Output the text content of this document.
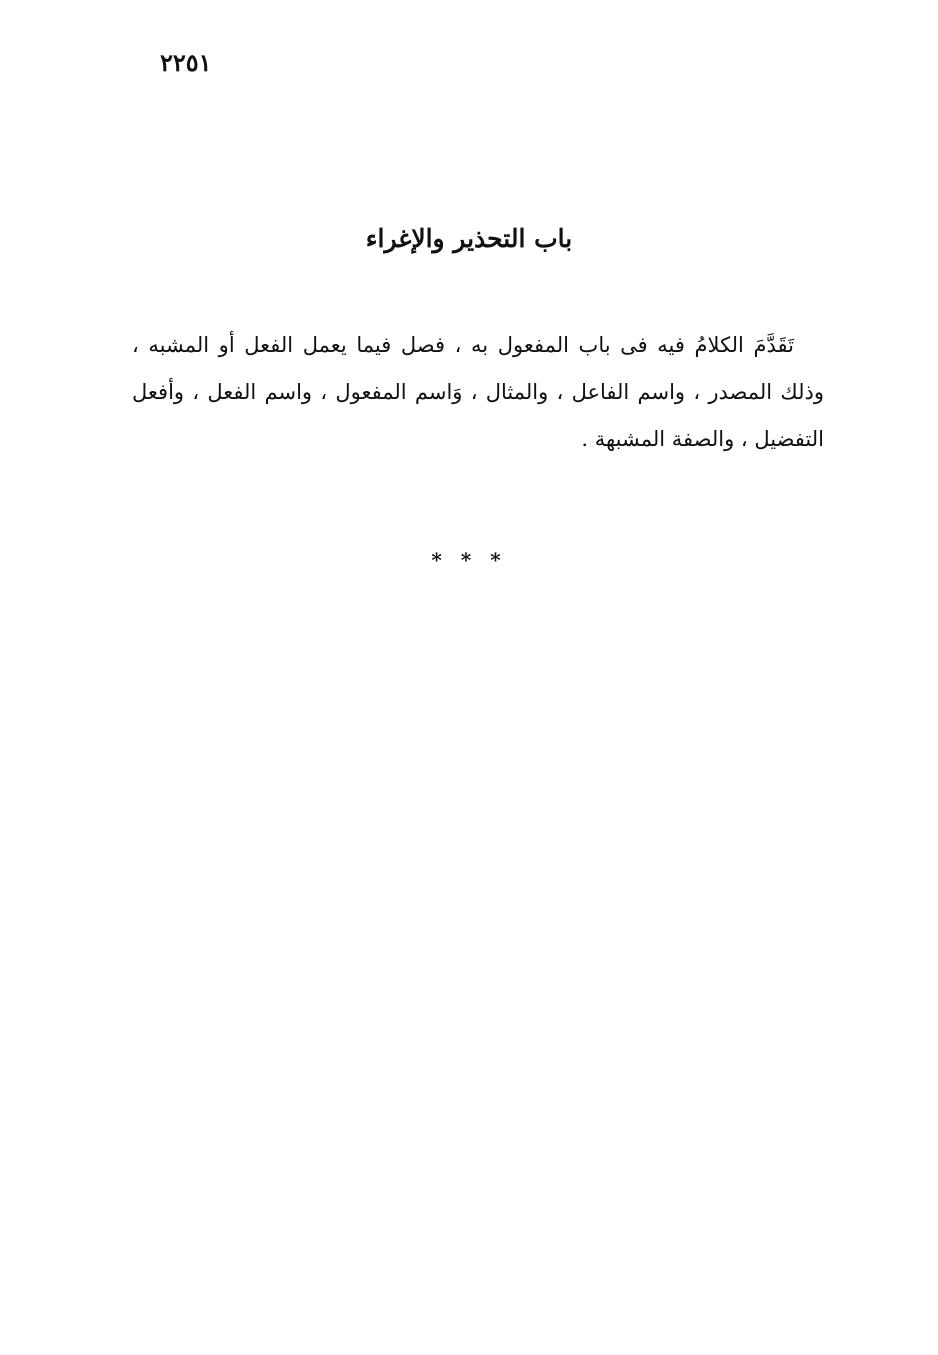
٢٢٥١
باب التحذير والإغراء

تَقَدَّمَ الكلامُ فيه فى باب المفعول به ، فصل فيما يعمل الفعل أو المشبه ، وذلك المصدر ، واسم الفاعل ، والمثال ، وَاسم المفعول ، واسم الفعل ، وأفعل التفضيل ، والصفة المشبهة .

* * *
